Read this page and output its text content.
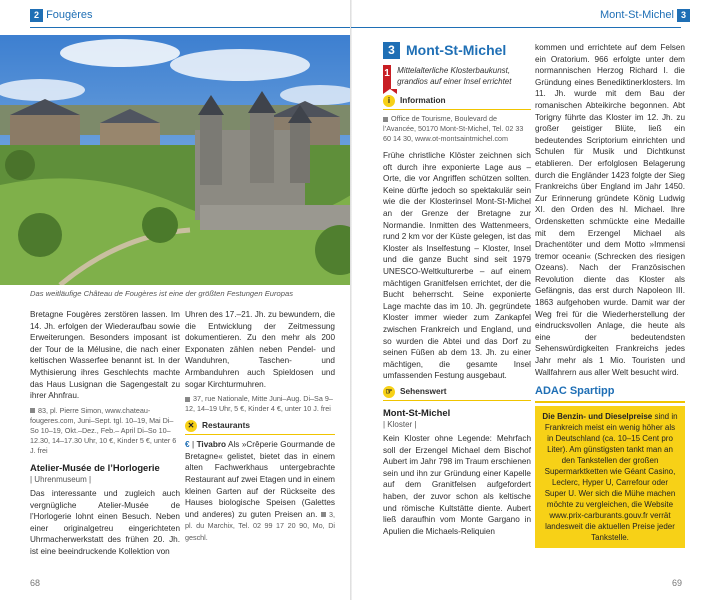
2 Fougères
Das weitläufige Château de Fougères ist eine der größten Festungen Europas

Bretagne Fougères zerstören lassen. Im 14. Jh. erfolgen der Wiederaufbau sowie Erweiterungen. Besonders imposant ist der Tour de la Mélusine, die nach einer keltischen Wasserfee benannt ist. In der Mythisierung ihres Geschlechts machte das Haus Lusignan die Sagengestalt zu ihrer Ahnfrau.

83, pl. Pierre Simon, www.chateau-fougeres.com, Juni–Sept. tgl. 10–19, Mai Di–So 10–19, Okt.–Dez., Feb.– April Di–So 10–12.30, 14–17.30 Uhr, 10 €, Kinder 5 €, unter 6 J. frei
Atelier-Musée de l’Horlogerie
| Uhrenmuseum |

Das interessante und zugleich auch vergnügliche Atelier-Musée de l’Horlogerie lohnt einen Besuch. Neben einer originalgetreu eingerichteten Uhrmacherwerkstatt des frühen 20. Jh. ist eine beeindruckende Kollektion von

Uhren des 17.–21. Jh. zu bewundern, die die Entwicklung der Zeitmessung dokumentieren. Zu den mehr als 200 Exponaten zählen neben Pendel- und Wanduhren, Taschen- und Armbanduhren auch Spieldosen und sogar Kirchturmuhren.

37, rue Nationale, Mitte Juni–Aug. Di–Sa 9–12, 14–19 Uhr, 5 €, Kinder 4 €, unter 10 J. frei
✕ Restaurants

€ | Tivabro Als »Crêperie Gourmande de Bretagne« gelistet, bietet das in einem alten Fachwerkhaus untergebrachte Restaurant auf zwei Etagen und in einem kleinen Garten auf der Rückseite des Hauses biologische Speisen (Galettes und anderes) zu guten Preisen an. 3, pl. du Marchix, Tel. 02 99 17 20 90, Mo, Di geschl.

68
Mont-St-Michel 3
3 Mont-St-Michel
1 Mittelalterliche Klosterbaukunst, grandios auf einer Insel errichtet
i	Information
Office de Tourisme, Boulevard de l’Avancée, 50170 Mont-St-Michel, Tel. 02 33 60 14 30, www.ot-montsaintmichel.com

Frühe christliche Klöster zeichnen sich oft durch ihre exponierte Lage aus – Orte, die vor Angriffen schützen sollten. Keine dürfte jedoch so spektakulär sein wie die der Klosterinsel Mont-St-Michel an der Grenze der Bretagne zur Normandie. Inmitten des Wattenmeers, rund 2 km vor der Küste gelegen, ist das Kloster als Inselfestung – Kloster, Insel und die ganze Bucht sind seit 1979 UNESCO-Weltkulturerbe – auf einem mächtigen Granitfelsen errichtet, der die Bucht beherrscht. Seine exponierte Lage machte das im 10. Jh. gegründete Kloster immer wieder zum Zankapfel zwischen Frankreich und England, und so wurden die Abtei und das Dorf zu seinen Füßen ab dem 13. Jh. zu einer mächtigen, die gesamte Insel umfassenden Festung ausgebaut.

☞ Sehenswert
Mont-St-Michel
| Kloster |

Kein Kloster ohne Legende: Mehrfach soll der Erzengel Michael dem Bischof Aubert im Jahr 798 im Traum erschienen sein und ihn zur Gründung einer Kapelle auf dem Granitfelsen aufgefordert haben, der zuvor schon als keltische und römische Kultstätte diente. Aubert ließ daraufhin vom Monte Gargano in Apulien die Michaels-Reliquien

kommen und errichtete auf dem Felsen ein Oratorium. 966 erfolgte unter dem normannischen Herzog Richard I. die Gründung eines Benediktinerklosters. Im 11. Jh. wurde mit dem Bau der romanischen Abteikirche begonnen. Abt Torigny führte das Kloster im 12. Jh. zu großer geistiger Blüte, ließ ein bedeutendes Scriptorium einrichten und Schulen für Musik und Dichtkunst etablieren. Der erfolglosen Belagerung durch die Engländer 1423 folgte der Sieg Frankreichs über England im Jahr 1450. Zur Erinnerung gründete König Ludwig XI. den Orden des hl. Michael. Ihre Ordensketten schmückte eine Medaille mit dem Erzengel Michael als Drachentöter und dem Motto »Immensi tremor oceani« (Schrecken des riesigen Ozeans). Nach der Französischen Revolution diente das Kloster als Gefängnis, das erst durch Napoleon III. 1863 aufgehoben wurde. Damit war der Weg frei für die Wiederherstellung der eindrucksvollen Anlage, die heute als eine der bedeutendsten Sehenswürdigkeiten Frankreichs jedes Jahr mehr als 1 Mio. Touristen und Wallfahrern aus aller Welt besucht wird.

ADAC Spartipp
Die Benzin- und Dieselpreise sind in Frankreich meist ein wenig höher als in Deutschland (ca. 10–15 Cent pro Liter). Am günstigsten tankt man an den Tankstellen der großen Supermarktketten wie Géant Casino, Leclerc, Hyper U, Carrefour oder Super U. Wer sich die Mühe machen möchte zu vergleichen, die Website www.prix-carburants.gouv.fr verrät landesweit die aktuellen Preise jeder Tankstelle.
69
